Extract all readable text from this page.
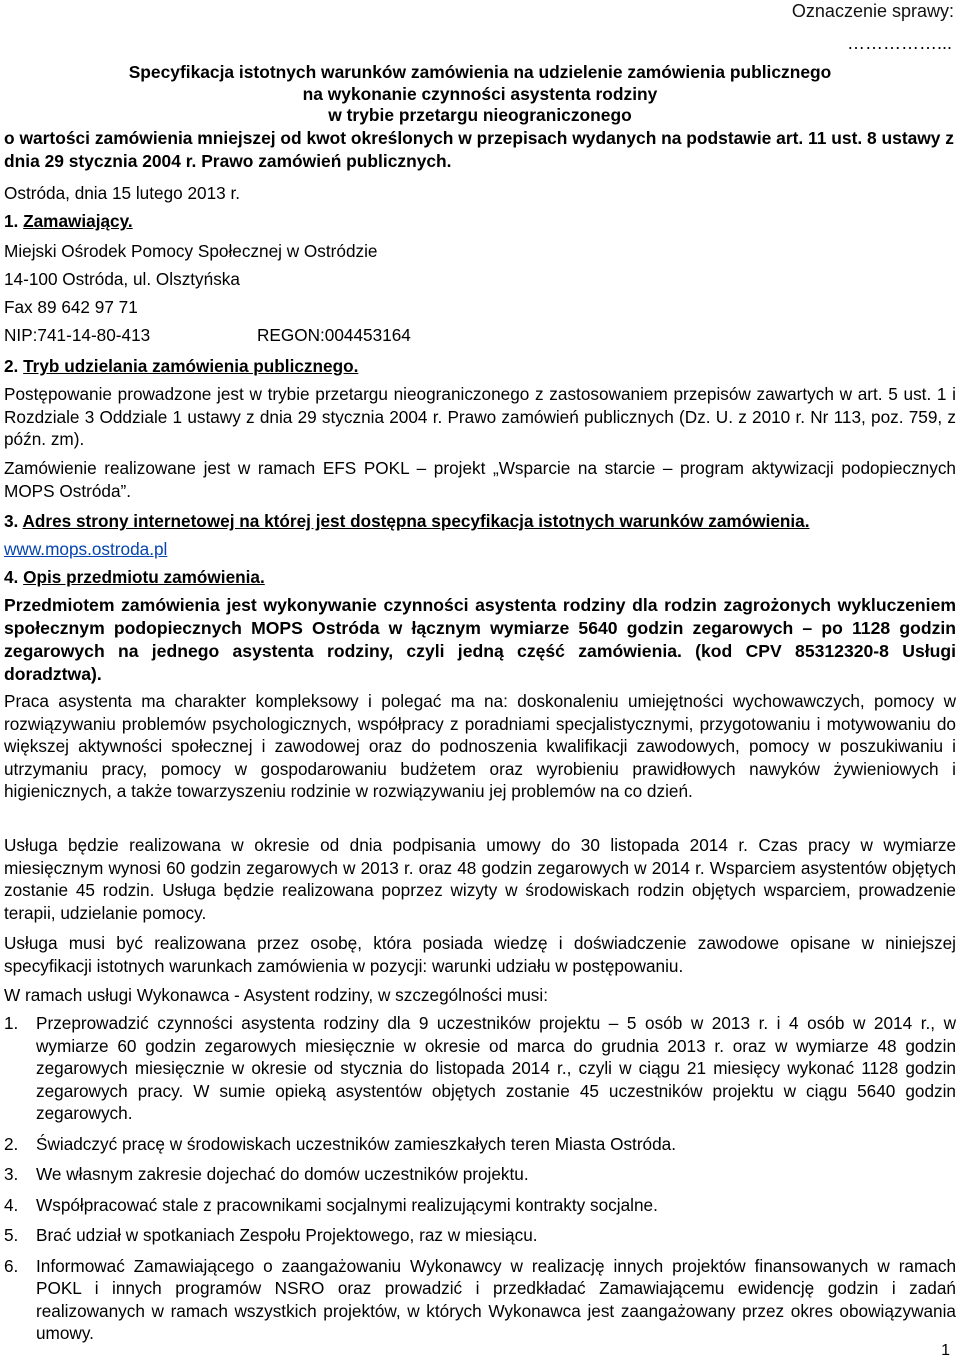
Oznaczenie sprawy:
……………...
Specyfikacja istotnych warunków zamówienia na udzielenie zamówienia publicznego
na wykonanie czynności asystenta rodziny
w trybie przetargu nieograniczonego
o wartości zamówienia mniejszej od kwot określonych w przepisach wydanych na podstawie art. 11 ust. 8 ustawy z dnia 29 stycznia 2004 r. Prawo zamówień publicznych.

Ostróda, dnia 15 lutego 2013 r.

1. Zamawiający.

Miejski Ośrodek Pomocy Społecznej w Ostródzie

14-100 Ostróda, ul. Olsztyńska

Fax 89 642 97 71

NIP:741-14-80-413	REGON:004453164

2. Tryb udzielania zamówienia publicznego.

Postępowanie prowadzone jest w trybie przetargu nieograniczonego z zastosowaniem przepisów zawartych w art. 5 ust. 1 i Rozdziale 3 Oddziale 1 ustawy z dnia 29 stycznia 2004 r. Prawo zamówień publicznych (Dz. U. z 2010 r. Nr 113, poz. 759, z późn. zm).

Zamówienie realizowane jest w ramach EFS POKL – projekt „Wsparcie na starcie – program aktywizacji podopiecznych MOPS Ostróda”.

3. Adres strony internetowej na której jest dostępna specyfikacja istotnych warunków zamówienia.

www.mops.ostroda.pl

4. Opis przedmiotu zamówienia.

Przedmiotem zamówienia jest wykonywanie czynności asystenta rodziny dla rodzin zagrożonych wykluczeniem społecznym podopiecznych MOPS Ostróda w łącznym wymiarze 5640 godzin zegarowych – po 1128 godzin zegarowych na jednego asystenta rodziny, czyli jedną część zamówienia. (kod CPV 85312320-8 Usługi doradztwa).

Praca asystenta ma charakter kompleksowy i polegać ma na: doskonaleniu umiejętności wychowawczych, pomocy w rozwiązywaniu problemów psychologicznych, współpracy z poradniami specjalistycznymi, przygotowaniu i motywowaniu do większej aktywności społecznej i zawodowej oraz do podnoszenia kwalifikacji zawodowych, pomocy w poszukiwaniu i utrzymaniu pracy, pomocy w gospodarowaniu budżetem oraz wyrobieniu prawidłowych nawyków żywieniowych i higienicznych, a także towarzyszeniu rodzinie w rozwiązywaniu jej problemów na co dzień.

Usługa będzie realizowana w okresie od dnia podpisania umowy do 30 listopada 2014 r. Czas pracy w wymiarze miesięcznym wynosi 60 godzin zegarowych w 2013 r. oraz 48 godzin zegarowych w 2014 r. Wsparciem asystentów objętych zostanie 45 rodzin. Usługa będzie realizowana poprzez wizyty w środowiskach rodzin objętych wsparciem, prowadzenie terapii, udzielanie pomocy.

Usługa musi być realizowana przez osobę, która posiada wiedzę i doświadczenie zawodowe opisane w niniejszej specyfikacji istotnych warunkach zamówienia w pozycji: warunki udziału w postępowaniu.

W ramach usługi Wykonawca - Asystent rodziny, w szczególności musi:

1. Przeprowadzić czynności asystenta rodziny dla 9 uczestników projektu – 5 osób w 2013 r. i 4 osób w 2014 r., w wymiarze 60 godzin zegarowych miesięcznie w okresie od marca do grudnia 2013 r. oraz w wymiarze 48 godzin zegarowych miesięcznie w okresie od stycznia do listopada 2014 r., czyli w ciągu 21 miesięcy wykonać 1128 godzin zegarowych pracy. W sumie opieką asystentów objętych zostanie 45 uczestników projektu w ciągu 5640 godzin zegarowych.
2. Świadczyć pracę w środowiskach uczestników zamieszkałych teren Miasta Ostróda.
3. We własnym zakresie dojechać do domów uczestników projektu.
4. Współpracować stale z pracownikami socjalnymi realizującymi kontrakty socjalne.
5. Brać udział w spotkaniach Zespołu Projektowego, raz w miesiącu.
6. Informować Zamawiającego o zaangażowaniu Wykonawcy w realizację innych projektów finansowanych w ramach POKL i innych programów NSRO oraz prowadzić i przedkładać Zamawiającemu ewidencję godzin i zadań realizowanych w ramach wszystkich projektów, w których Wykonawca jest zaangażowany przez okres obowiązywania umowy.
1
